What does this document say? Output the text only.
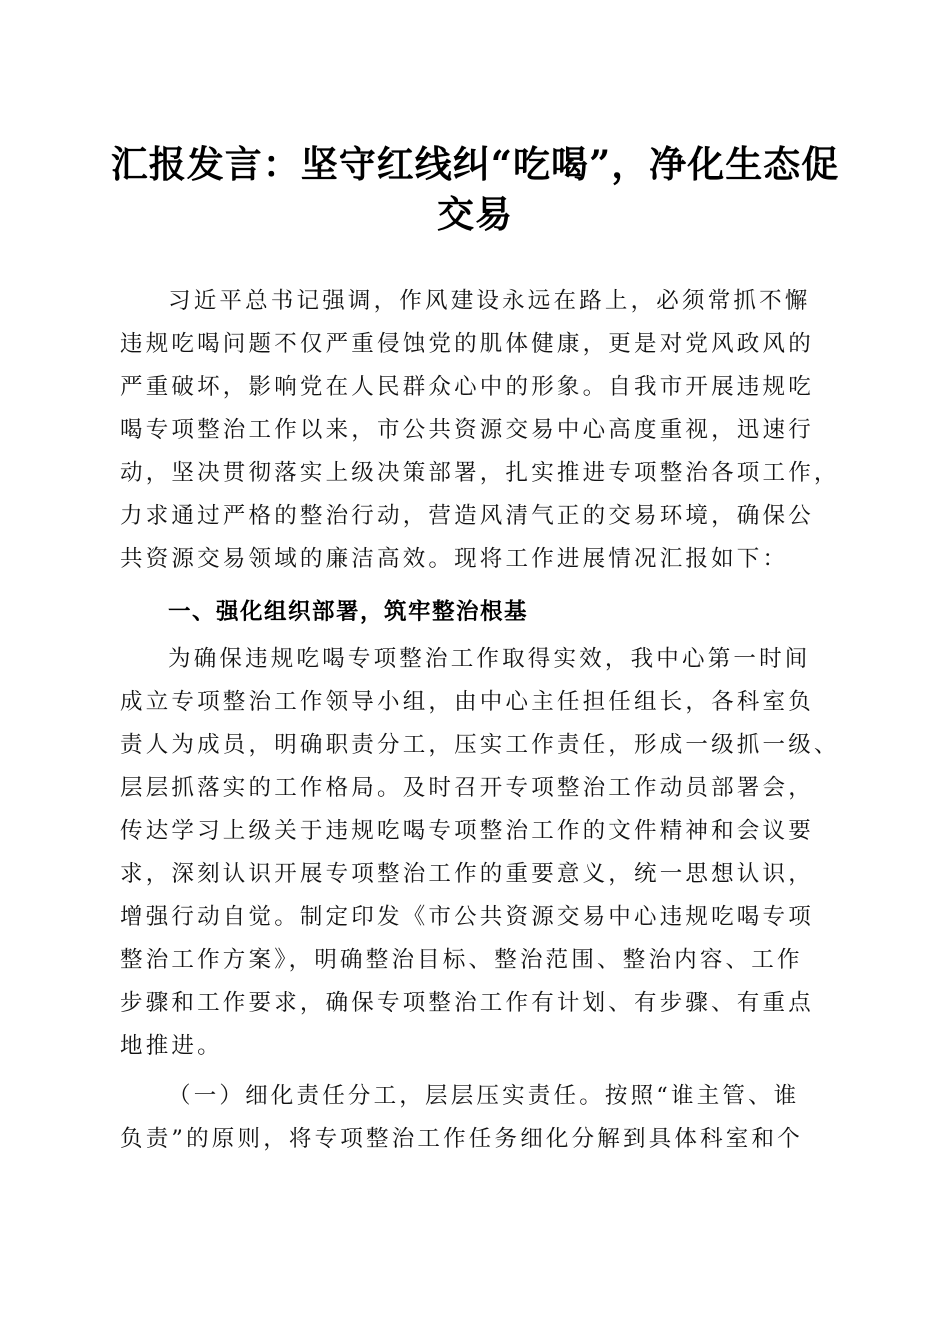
汇报发言：坚守红线纠“吃喝”，净化生态促
交易
习近平总书记强调，作风建设永远在路上，必须常抓不懈
违规吃喝问题不仅严重侵蚀党的肌体健康，更是对党风政风的
严重破坏，影响党在人民群众心中的形象。自我市开展违规吃
喝专项整治工作以来，市公共资源交易中心高度重视，迅速行
动，坚决贯彻落实上级决策部署，扎实推进专项整治各项工作，
力求通过严格的整治行动，营造风清气正的交易环境，确保公
共资源交易领域的廉洁高效。现将工作进展情况汇报如下：
一、强化组织部署，筑牢整治根基
为确保违规吃喝专项整治工作取得实效，我中心第一时间
成立专项整治工作领导小组，由中心主任担任组长，各科室负
责人为成员，明确职责分工，压实工作责任，形成一级抓一级、
层层抓落实的工作格局。及时召开专项整治工作动员部署会，
传达学习上级关于违规吃喝专项整治工作的文件精神和会议要
求，深刻认识开展专项整治工作的重要意义，统一思想认识，
增强行动自觉。制定印发《市公共资源交易中心违规吃喝专项
整治工作方案》，明确整治目标、整治范围、整治内容、工作
步骤和工作要求，确保专项整治工作有计划、有步骤、有重点
地推进。
（一）细化责任分工，层层压实责任。按照“谁主管、谁
负责”的原则，将专项整治工作任务细化分解到具体科室和个
